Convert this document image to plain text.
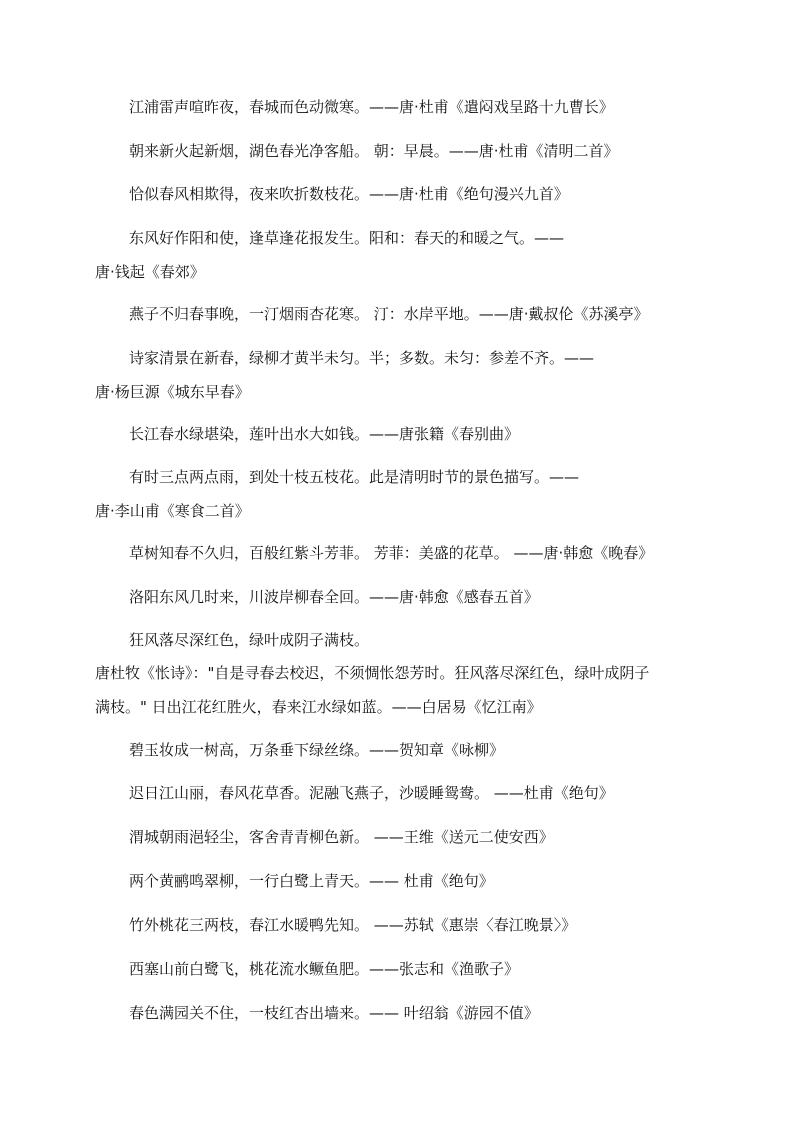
江浦雷声喧昨夜，春城而色动微寒。——唐·杜甫《遣闷戏呈路十九曹长》
朝来新火起新烟，湖色春光净客船。 朝：早晨。——唐·杜甫《清明二首》
恰似春风相欺得，夜来吹折数枝花。——唐·杜甫《绝句漫兴九首》
东风好作阳和使，逢草逢花报发生。阳和：春天的和暖之气。——
唐·钱起《春郊》
燕子不归春事晚，一汀烟雨杏花寒。 汀：水岸平地。——唐·戴叔伦《苏溪亭》
诗家清景在新春，绿柳才黄半未匀。半；多数。未匀：参差不齐。——
唐·杨巨源《城东早春》
长江春水绿堪染，莲叶出水大如钱。——唐张籍《春别曲》
有时三点两点雨，到处十枝五枝花。此是清明时节的景色描写。——
唐·李山甫《寒食二首》
草树知春不久归，百般红紫斗芳菲。 芳菲：美盛的花草。 ——唐·韩愈《晚春》
洛阳东风几时来，川波岸柳春全回。——唐·韩愈《感春五首》
狂风落尽深红色，绿叶成阴子满枝。
唐杜牧《怅诗》："自是寻春去校迟，不须惆怅怨芳时。狂风落尽深红色，绿叶成阴子
满枝。" 日出江花红胜火，春来江水绿如蓝。——白居易《忆江南》
碧玉妆成一树高，万条垂下绿丝绦。——贺知章《咏柳》
迟日江山丽，春风花草香。泥融飞燕子，沙暖睡鸳鸯。 ——杜甫《绝句》
渭城朝雨浥轻尘，客舍青青柳色新。 ——王维《送元二使安西》
两个黄鹂鸣翠柳，一行白鹭上青天。—— 杜甫《绝句》
竹外桃花三两枝，春江水暖鸭先知。 ——苏轼《惠崇〈春江晚景〉》
西塞山前白鹭飞，桃花流水鳜鱼肥。——张志和《渔歌子》
春色满园关不住，一枝红杏出墙来。—— 叶绍翁《游园不值》
